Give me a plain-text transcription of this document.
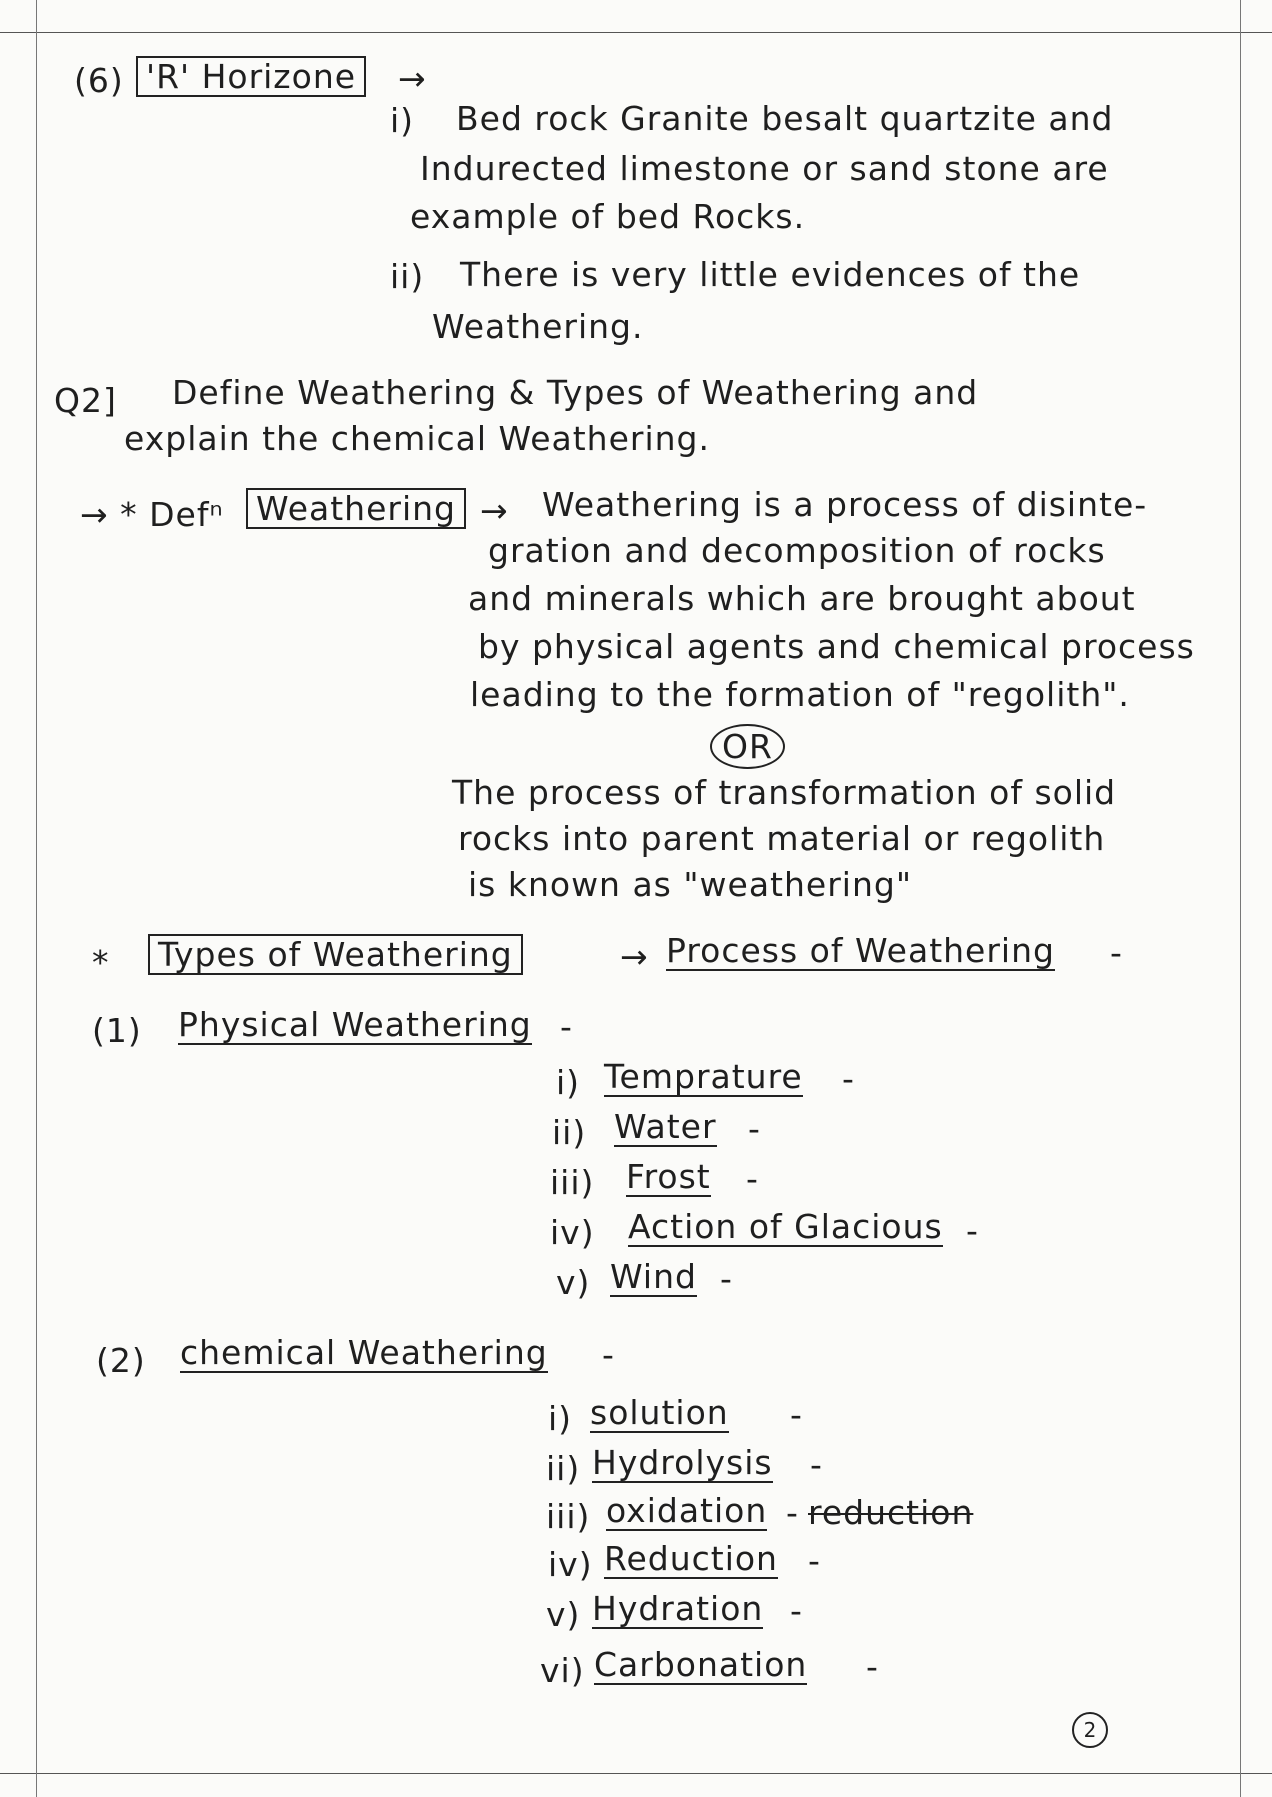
(6) 'R' Horizone	→
i) Bed rock Granite besalt quartzite and
Indurected limestone or sand stone are
example of bed Rocks.
ii) There is very little evidences of the
Weathering.
Q2] Define Weathering & Types of Weathering and
explain the chemical Weathering.
→ * Defⁿ Weathering → Weathering is a process of disinte-
gration and decomposition of rocks
and minerals which are brought about
by physical agents and chemical process
leading to the formation of "regolith".
OR
The process of transformation of solid
rocks into parent material or regolith
is known as "weathering"
*	Types of Weathering	→ Process of Weathering -
(1) Physical Weathering -
i) Temprature -
ii) Water -
iii) Frost -
iv) Action of Glacious -
v) Wind -
(2) chemical Weathering -
i) solution -
ii) Hydrolysis -
iii) oxidation - reduction
iv) Reduction -
v) Hydration -
vi) Carbonation -
2
